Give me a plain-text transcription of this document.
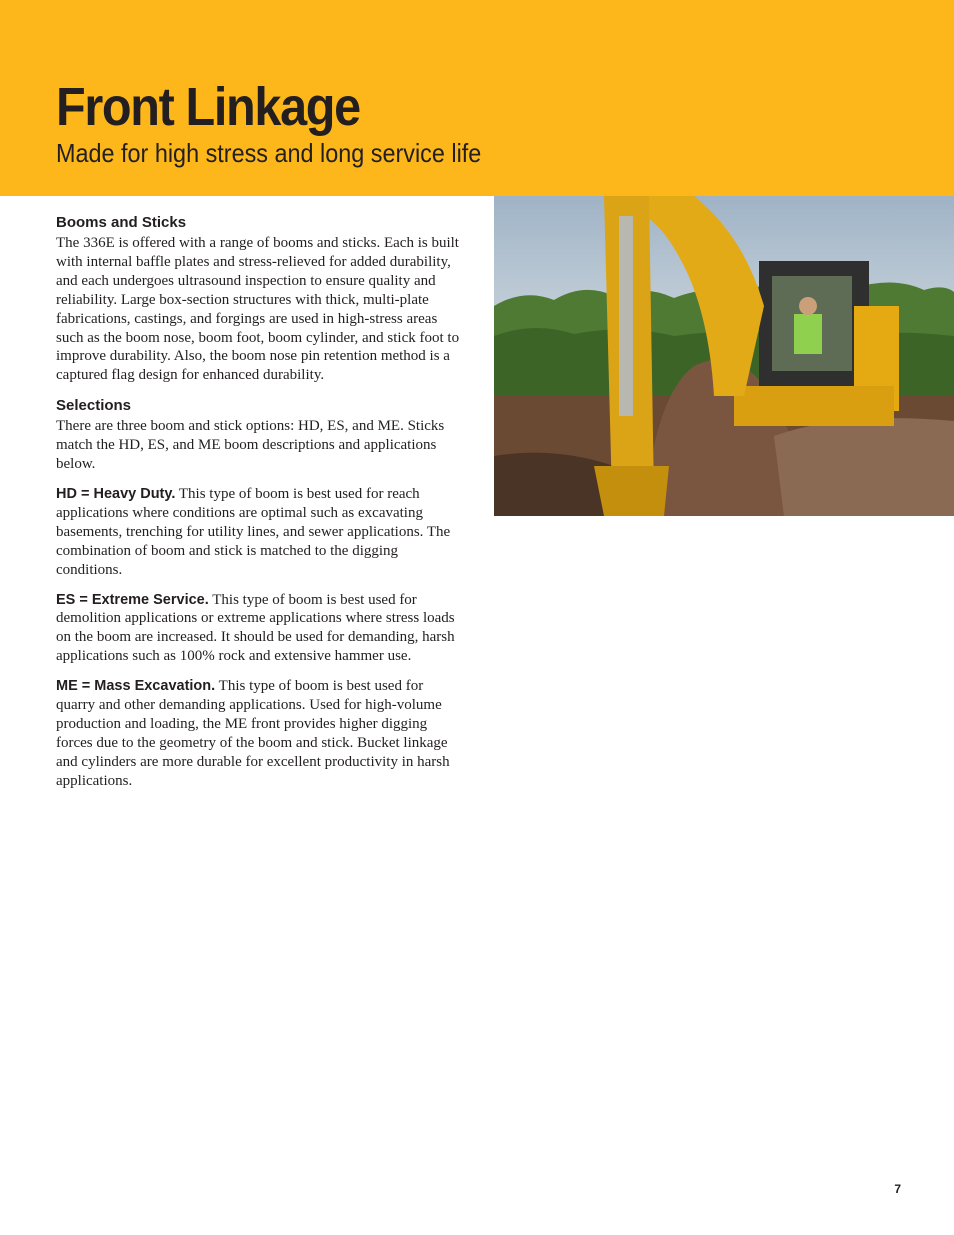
Front Linkage
Made for high stress and long service life
Booms and Sticks

The 336E is offered with a range of booms and sticks. Each is built with internal baffle plates and stress-relieved for added durability, and each undergoes ultrasound inspection to ensure quality and reliability. Large box-section structures with thick, multi-plate fabrications, castings, and forgings are used in high-stress areas such as the boom nose, boom foot, boom cylinder, and stick foot to improve durability. Also, the boom nose pin retention method is a captured flag design for enhanced durability.

Selections

There are three boom and stick options: HD, ES, and ME. Sticks match the HD, ES, and ME boom descriptions and applications below.

HD = Heavy Duty. This type of boom is best used for reach applications where conditions are optimal such as excavating basements, trenching for utility lines, and sewer applications. The combination of boom and stick is matched to the digging conditions.

ES = Extreme Service. This type of boom is best used for demolition applications or extreme applications where stress loads on the boom are increased. It should be used for demanding, harsh applications such as 100% rock and extensive hammer use.

ME = Mass Excavation. This type of boom is best used for quarry and other demanding applications. Used for high-volume production and loading, the ME front provides higher digging forces due to the geometry of the boom and stick. Bucket linkage and cylinders are more durable for excellent productivity in harsh applications.

7
